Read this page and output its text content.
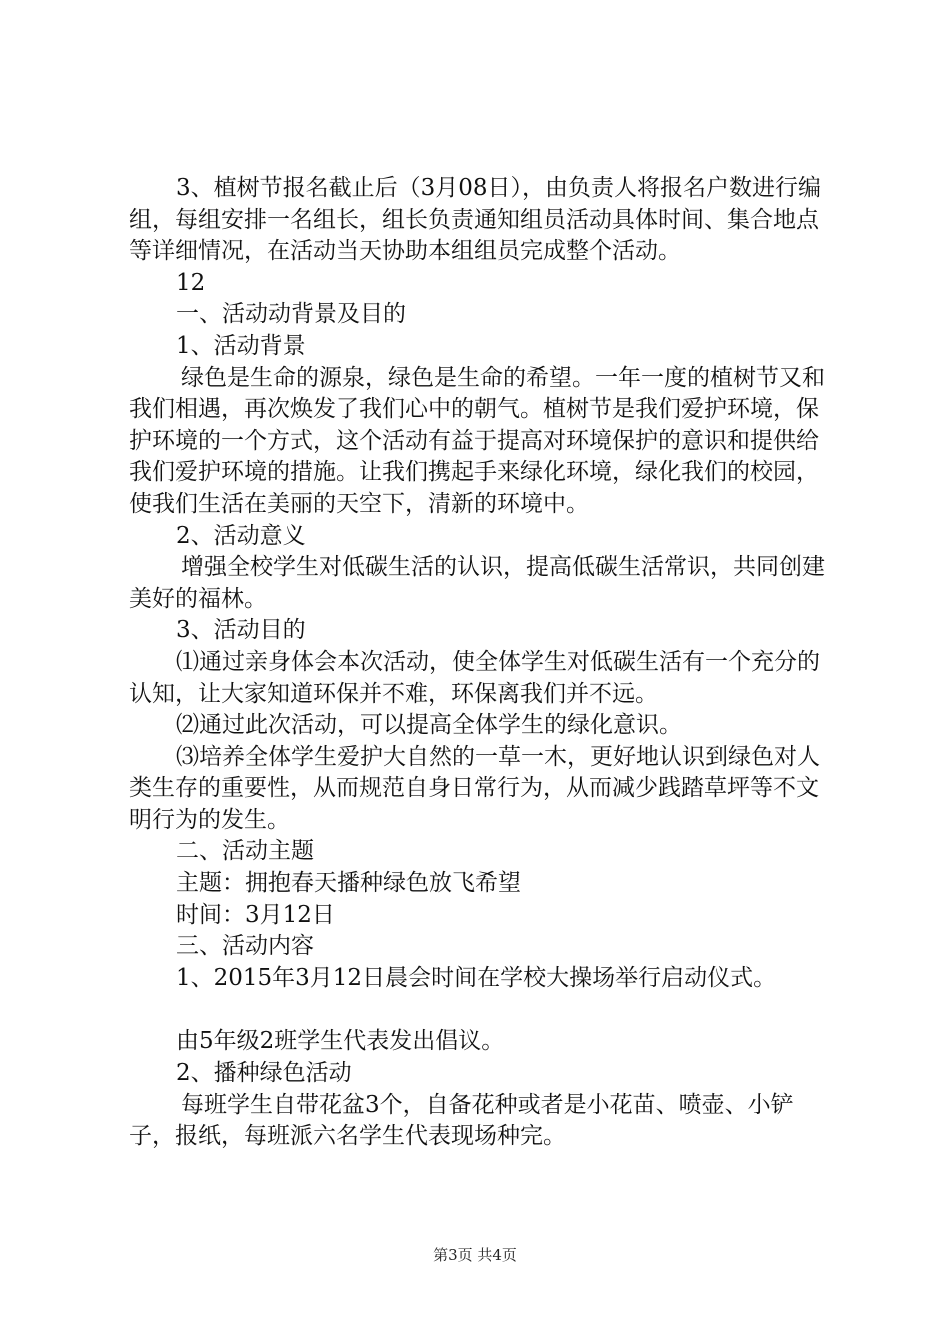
3、植树节报名截止后（3月08日），由负责人将报名户数进行编组，每组安排一名组长，组长负责通知组员活动具体时间、集合地点等详细情况，在活动当天协助本组组员完成整个活动。

12

一、活动动背景及目的

1、活动背景

绿色是生命的源泉，绿色是生命的希望。一年一度的植树节又和我们相遇，再次焕发了我们心中的朝气。植树节是我们爱护环境，保护环境的一个方式，这个活动有益于提高对环境保护的意识和提供给我们爱护环境的措施。让我们携起手来绿化环境，绿化我们的校园，使我们生活在美丽的天空下，清新的环境中。

2、活动意义

增强全校学生对低碳生活的认识，提高低碳生活常识，共同创建美好的福林。

3、活动目的

⑴通过亲身体会本次活动，使全体学生对低碳生活有一个充分的认知，让大家知道环保并不难，环保离我们并不远。

⑵通过此次活动，可以提高全体学生的绿化意识。

⑶培养全体学生爱护大自然的一草一木，更好地认识到绿色对人类生存的重要性，从而规范自身日常行为，从而减少践踏草坪等不文明行为的发生。

二、活动主题

主题：拥抱春天播种绿色放飞希望

时间：3月12日

三、活动内容

1、2015年3月12日晨会时间在学校大操场举行启动仪式。

由5年级2班学生代表发出倡议。

2、播种绿色活动

每班学生自带花盆3个，自备花种或者是小花苗、喷壶、小铲子，报纸，每班派六名学生代表现场种完。

第3页 共4页
